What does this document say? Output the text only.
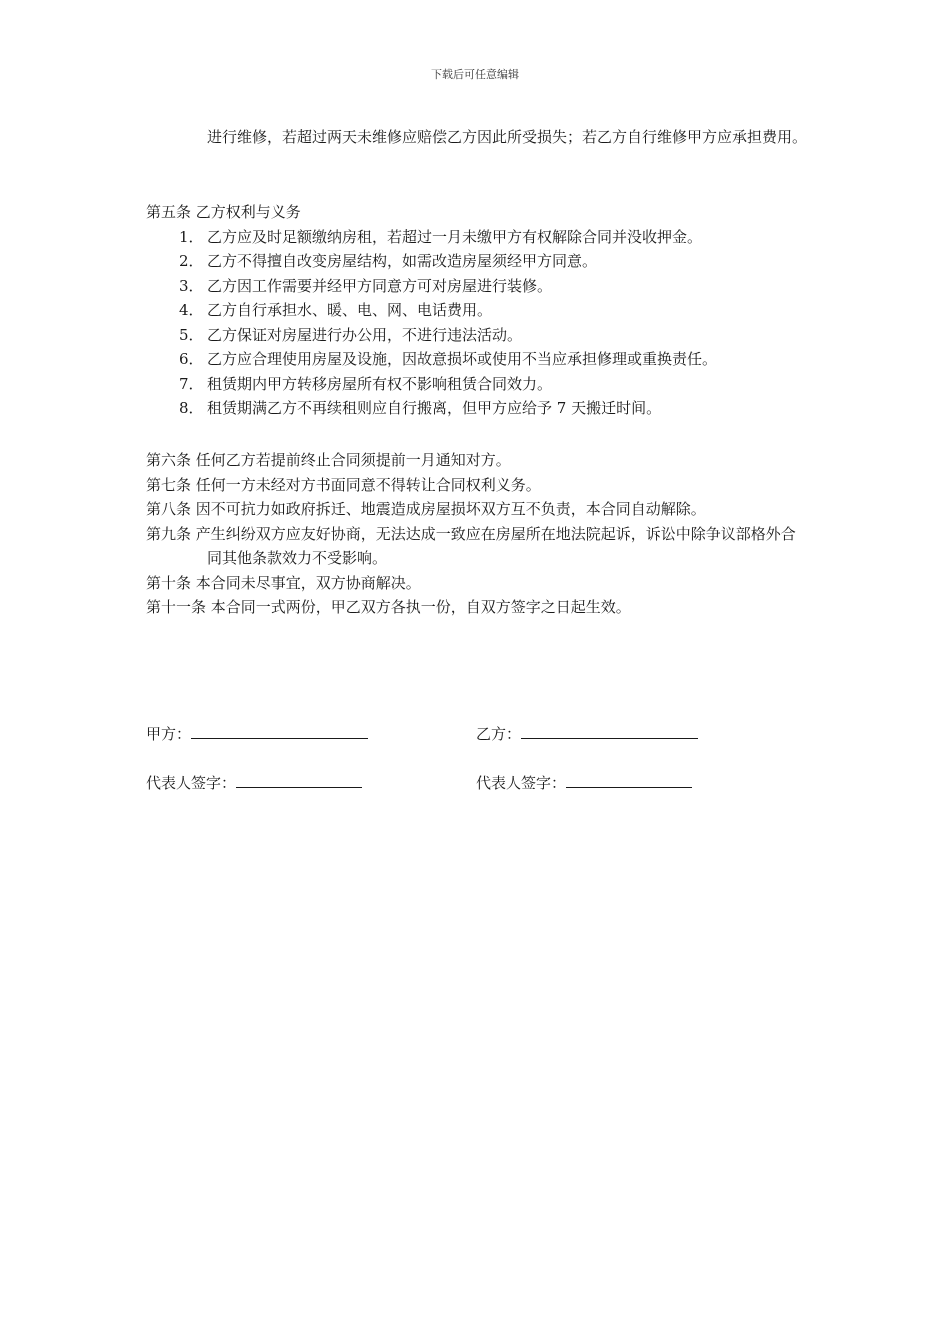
下载后可任意编辑
进行维修，若超过两天未维修应赔偿乙方因此所受损失；若乙方自行维修甲方应承担费用。
第五条 乙方权利与义务
1． 乙方应及时足额缴纳房租，若超过一月未缴甲方有权解除合同并没收押金。
2． 乙方不得擅自改变房屋结构，如需改造房屋须经甲方同意。
3． 乙方因工作需要并经甲方同意方可对房屋进行装修。
4． 乙方自行承担水、暖、电、网、电话费用。
5． 乙方保证对房屋进行办公用，不进行违法活动。
6． 乙方应合理使用房屋及设施，因故意损坏或使用不当应承担修理或重换责任。
7． 租赁期内甲方转移房屋所有权不影响租赁合同效力。
8． 租赁期满乙方不再续租则应自行搬离，但甲方应给予 7 天搬迁时间。
第六条 任何乙方若提前终止合同须提前一月通知对方。
第七条 任何一方未经对方书面同意不得转让合同权利义务。
第八条 因不可抗力如政府拆迁、地震造成房屋损坏双方互不负责，本合同自动解除。
第九条 产生纠纷双方应友好协商，无法达成一致应在房屋所在地法院起诉，诉讼中除争议部格外合同其他条款效力不受影响。
第十条 本合同未尽事宜，双方协商解决。
第十一条 本合同一式两份，甲乙双方各执一份，自双方签字之日起生效。
甲方：	乙方：
代表人签字：	代表人签字：
